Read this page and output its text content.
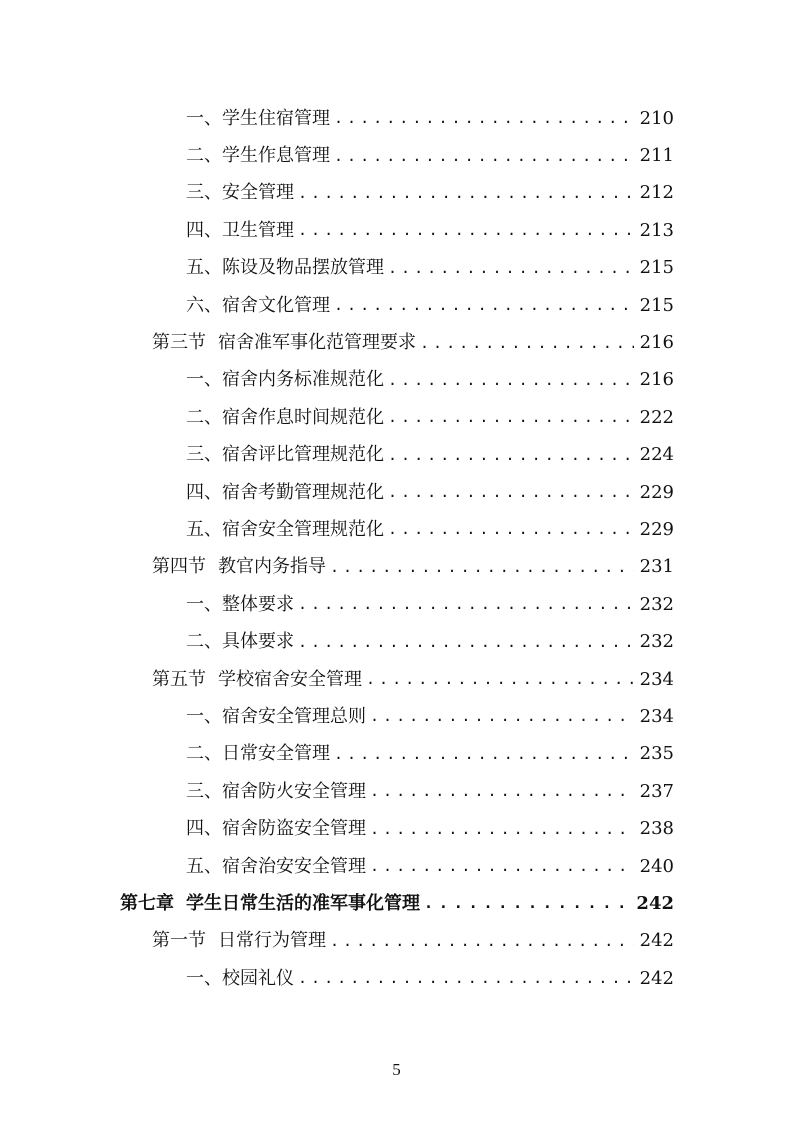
一、学生住宿管理 . . .	210
二、学生作息管理 . . .	211
三、安全管理 . . .	212
四、卫生管理 . . .	213
五、陈设及物品摆放管理 . . .	215
六、宿舍文化管理 . . .	215
第三节 宿舍准军事化范管理要求 . . .	216
一、宿舍内务标准规范化 . . .	216
二、宿舍作息时间规范化 . . .	222
三、宿舍评比管理规范化 . . .	224
四、宿舍考勤管理规范化 . . .	229
五、宿舍安全管理规范化 . . .	229
第四节 教官内务指导 . . .	231
一、整体要求 . . .	232
二、具体要求 . . .	232
第五节 学校宿舍安全管理 . . .	234
一、宿舍安全管理总则 . . .	234
二、日常安全管理 . . .	235
三、宿舍防火安全管理 . . .	237
四、宿舍防盗安全管理 . . .	238
五、宿舍治安安全管理 . . .	240
第七章 学生日常生活的准军事化管理 . . .	242
第一节 日常行为管理 . . .	242
一、校园礼仪 . . .	242
5
